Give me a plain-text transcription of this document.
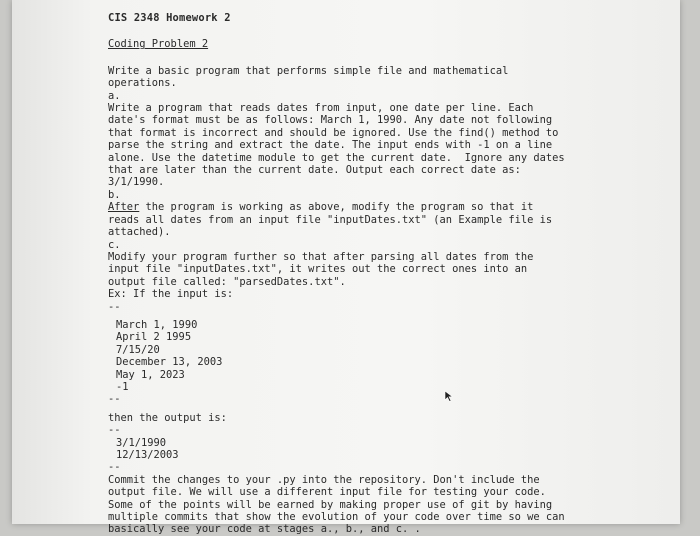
CIS 2348 Homework 2

Coding Problem 2

Write a basic program that performs simple file and mathematical

operations.

a.

Write a program that reads dates from input, one date per line. Each

date's format must be as follows: March 1, 1990. Any date not following

that format is incorrect and should be ignored. Use the find() method to

parse the string and extract the date. The input ends with -1 on a line

alone. Use the datetime module to get the current date.  Ignore any dates

that are later than the current date. Output each correct date as:

3/1/1990.

b.

After the program is working as above, modify the program so that it

reads all dates from an input file "inputDates.txt" (an Example file is

attached).

c.

Modify your program further so that after parsing all dates from the

input file "inputDates.txt", it writes out the correct ones into an

output file called: "parsedDates.txt".

Ex: If the input is:

--

March 1, 1990

April 2 1995

7/15/20

December 13, 2003

May 1, 2023

-1

--

then the output is:

--

3/1/1990

12/13/2003

--

Commit the changes to your .py into the repository. Don't include the

output file. We will use a different input file for testing your code.

Some of the points will be earned by making proper use of git by having

multiple commits that show the evolution of your code over time so we can

basically see your code at stages a., b., and c. .
